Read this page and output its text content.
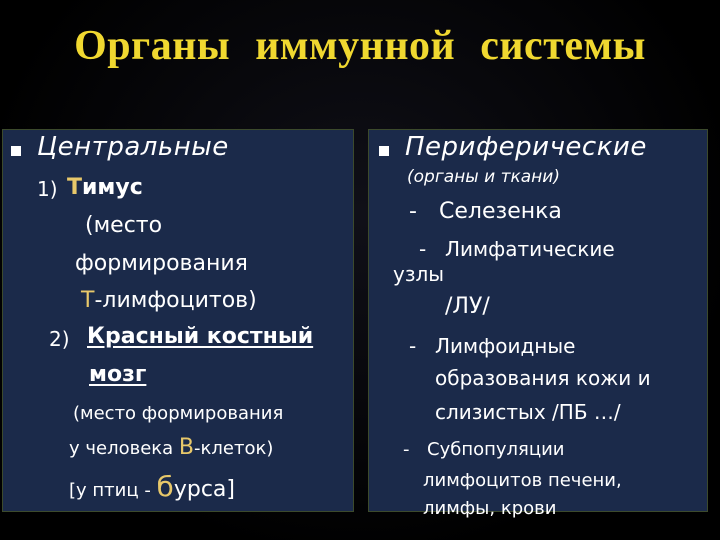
Органы иммунной системы
Центральные
1) Тимус
(место
формирования
Т-лимфоцитов)
2) Красный костный
мозг
(место формирования
у человека В-клеток)
[у птиц - бурса]
Периферические
(органы и ткани)
- Селезенка
- Лимфатические
узлы
/ЛУ/
- Лимфоидные
образования кожи и
слизистых /ПБ …/
- Субпопуляции
лимфоцитов печени,
лимфы, крови
